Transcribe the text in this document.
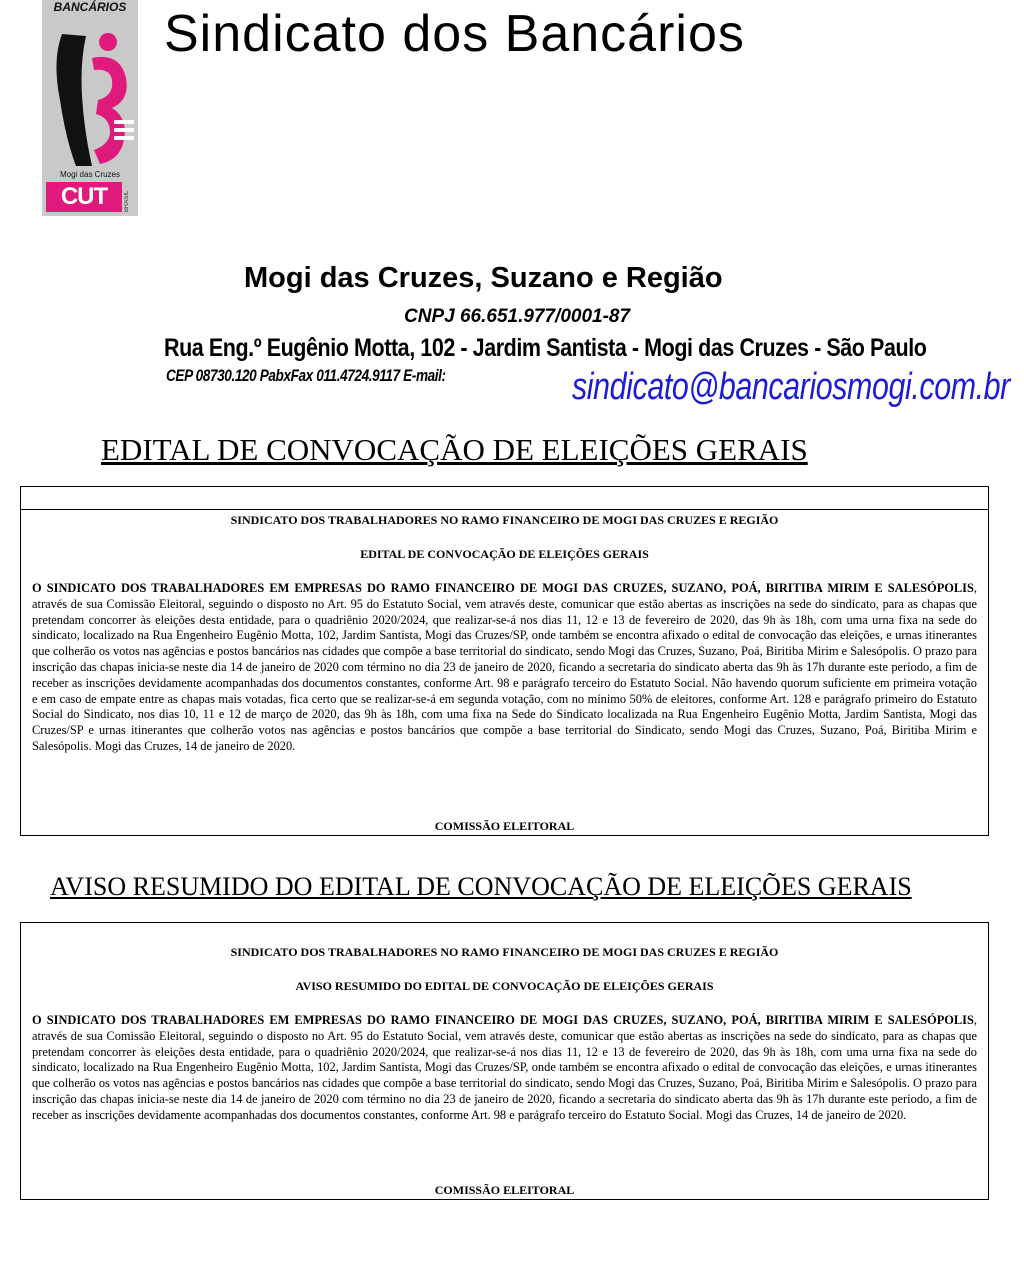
BANCÁRIOS
Mogi das Cruzes
CUT	BRASIL
Sindicato dos Bancários
Mogi das Cruzes, Suzano e Região
CNPJ 66.651.977/0001-87
Rua Eng.º Eugênio Motta, 102 - Jardim Santista - Mogi das Cruzes - São Paulo
CEP 08730.120 PabxFax 011.4724.9117 E-mail:	sindicato@bancariosmogi.com.br
EDITAL DE CONVOCAÇÃO DE ELEIÇÕES GERAIS
SINDICATO DOS TRABALHADORES NO RAMO FINANCEIRO DE MOGI DAS CRUZES E REGIÃO
EDITAL DE CONVOCAÇÃO DE ELEIÇÕES GERAIS
O SINDICATO DOS TRABALHADORES EM EMPRESAS DO RAMO FINANCEIRO DE MOGI DAS CRUZES, SUZANO, POÁ, BIRITIBA MIRIM E SALESÓPOLIS, através de sua Comissão Eleitoral, seguindo o disposto no Art. 95 do Estatuto Social, vem através deste, comunicar que estão abertas as inscrições na sede do sindicato, para as chapas que pretendam concorrer às eleições desta entidade, para o quadriênio 2020/2024, que realizar-se-á nos dias 11, 12 e 13 de fevereiro de 2020, das 9h às 18h, com uma urna fixa na sede do sindicato, localizado na Rua Engenheiro Eugênio Motta, 102, Jardim Santista, Mogi das Cruzes/SP, onde também se encontra afixado o edital de convocação das eleições, e urnas itinerantes que colherão os votos nas agências e postos bancários nas cidades que compõe a base territorial do sindicato, sendo Mogi das Cruzes, Suzano, Poá, Biritiba Mirim e Salesópolis. O prazo para inscrição das chapas inicia-se neste dia 14 de janeiro de 2020 com término no dia 23 de janeiro de 2020, ficando a secretaria do sindicato aberta das 9h às 17h durante este período, a fim de receber as inscrições devidamente acompanhadas dos documentos constantes, conforme Art. 98 e parágrafo terceiro do Estatuto Social. Não havendo quorum suficiente em primeira votação e em caso de empate entre as chapas mais votadas, fica certo que se realizar-se-á em segunda votação, com no mínimo 50% de eleitores, conforme Art. 128 e parágrafo primeiro do Estatuto Social do Sindicato, nos dias 10, 11 e 12 de março de 2020, das 9h às 18h, com uma fixa na Sede do Sindicato localizada na Rua Engenheiro Eugênio Motta, Jardim Santista, Mogi das Cruzes/SP e urnas itinerantes que colherão votos nas agências e postos bancários que compõe a base territorial do Sindicato, sendo Mogi das Cruzes, Suzano, Poá, Biritiba Mirim e Salesópolis. Mogi das Cruzes, 14 de janeiro de 2020.
COMISSÃO ELEITORAL
AVISO RESUMIDO DO EDITAL DE CONVOCAÇÃO DE ELEIÇÕES GERAIS
SINDICATO DOS TRABALHADORES NO RAMO FINANCEIRO DE MOGI DAS CRUZES E REGIÃO
AVISO RESUMIDO DO EDITAL DE CONVOCAÇÃO DE ELEIÇÕES GERAIS
O SINDICATO DOS TRABALHADORES EM EMPRESAS DO RAMO FINANCEIRO DE MOGI DAS CRUZES, SUZANO, POÁ, BIRITIBA MIRIM E SALESÓPOLIS, através de sua Comissão Eleitoral, seguindo o disposto no Art. 95 do Estatuto Social, vem através deste, comunicar que estão abertas as inscrições na sede do sindicato, para as chapas que pretendam concorrer às eleições desta entidade, para o quadriênio 2020/2024, que realizar-se-á nos dias 11, 12 e 13 de fevereiro de 2020, das 9h às 18h, com uma urna fixa na sede do sindicato, localizado na Rua Engenheiro Eugênio Motta, 102, Jardim Santista, Mogi das Cruzes/SP, onde também se encontra afixado o edital de convocação das eleições, e urnas itinerantes que colherão os votos nas agências e postos bancários nas cidades que compõe a base territorial do sindicato, sendo Mogi das Cruzes, Suzano, Poá, Biritiba Mirim e Salesópolis. O prazo para inscrição das chapas inicia-se neste dia 14 de janeiro de 2020 com término no dia 23 de janeiro de 2020, ficando a secretaria do sindicato aberta das 9h às 17h durante este período, a fim de receber as inscrições devidamente acompanhadas dos documentos constantes, conforme Art. 98 e parágrafo terceiro do Estatuto Social. Mogi das Cruzes, 14 de janeiro de 2020.
COMISSÃO ELEITORAL
